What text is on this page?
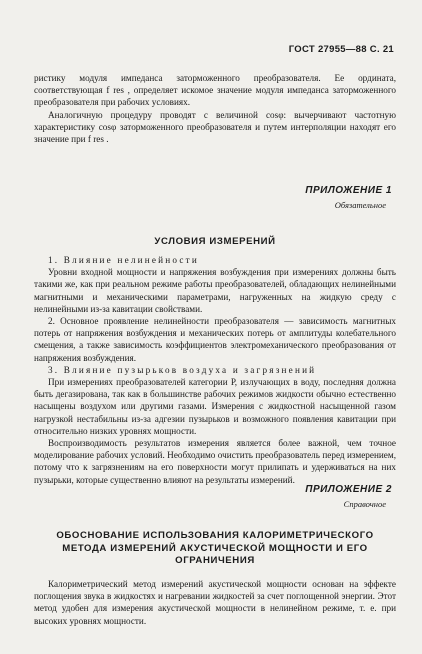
ГОСТ 27955—88 С. 21

ристику модуля импеданса заторможенного преобразователя. Ее ордината, соответствующая f res , определяет искомое значение модуля импеданса заторможенного преобразователя при рабочих условиях.

Аналогичную процедуру проводят с величиной cosφ: вычерчивают частотную характеристику cosφ заторможенного преобразователя и путем интерполяции находят его значение при f res .

ПРИЛОЖЕНИЕ 1
Обязательное
УСЛОВИЯ ИЗМЕРЕНИЙ

1. Влияние нелинейности

Уровни входной мощности и напряжения возбуждения при измерениях должны быть такими же, как при реальном режиме работы преобразователей, обладающих нелинейными магнитными и механическими параметрами, нагруженных на жидкую среду с нелинейными из-за кавитации свойствами.

2. Основное проявление нелинейности преобразователя — зависимость магнитных потерь от напряжения возбуждения и механических потерь от амплитуды колебательного смещения, а также зависимость коэффициентов электромеханического преобразования от напряжения возбуждения.

3. Влияние пузырьков воздуха и загрязнений

При измерениях преобразователей категории Р, излучающих в воду, последняя должна быть дегазирована, так как в большинстве рабочих режимов жидкости обычно естественно насыщены воздухом или другими газами. Измерения с жидкостной насыщенной газом нагрузкой нестабильны из-за адгезии пузырьков и возможного появления кавитации при относительно низких уровнях мощности.

Воспроизводимость результатов измерения является более важной, чем точное моделирование рабочих условий. Необходимо очистить преобразователь перед измерением, потому что к загрязнениям на его поверхности могут прилипать и удерживаться на них пузырьки, которые существенно влияют на результаты измерений.

ПРИЛОЖЕНИЕ 2
Справочное
ОБОСНОВАНИЕ ИСПОЛЬЗОВАНИЯ КАЛОРИМЕТРИЧЕСКОГО
МЕТОДА ИЗМЕРЕНИЙ АКУСТИЧЕСКОЙ МОЩНОСТИ И ЕГО
ОГРАНИЧЕНИЯ

Калориметрический метод измерений акустической мощности основан на эффекте поглощения звука в жидкостях и нагревании жидкостей за счет поглощенной энергии. Этот метод удобен для измерения акустической мощности в нелинейном режиме, т. е. при высоких уровнях мощности.
